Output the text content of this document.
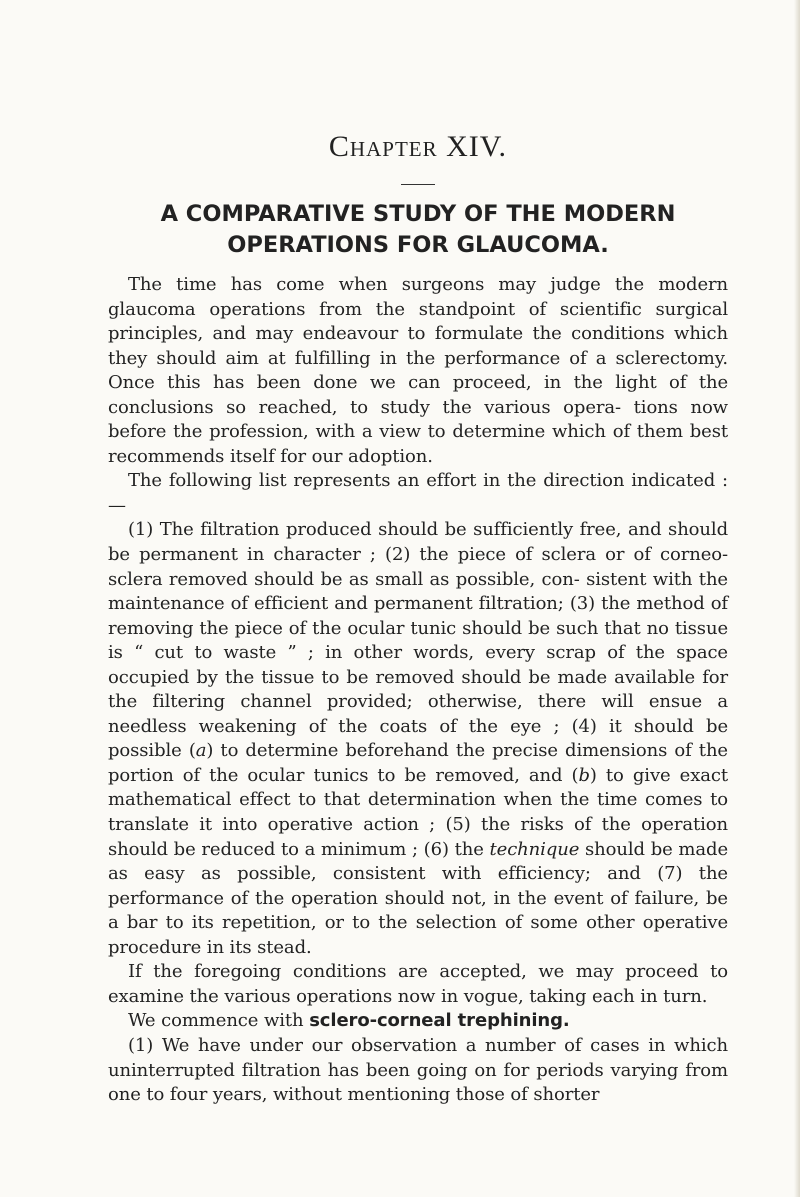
Chapter XIV.
A COMPARATIVE STUDY OF THE MODERN
OPERATIONS FOR GLAUCOMA.

The time has come when surgeons may judge the modern glaucoma operations from the standpoint of scientific surgical principles, and may endeavour to formulate the conditions which they should aim at fulfilling in the performance of a sclerectomy. Once this has been done we can proceed, in the light of the conclusions so reached, to study the various opera- tions now before the profession, with a view to determine which of them best recommends itself for our adoption.

The following list represents an effort in the direction indicated :—

(1) The filtration produced should be sufficiently free, and should be permanent in character ; (2) the piece of sclera or of corneo-sclera removed should be as small as possible, con- sistent with the maintenance of efficient and permanent filtration; (3) the method of removing the piece of the ocular tunic should be such that no tissue is “ cut to waste ” ; in other words, every scrap of the space occupied by the tissue to be removed should be made available for the filtering channel provided; otherwise, there will ensue a needless weakening of the coats of the eye ; (4) it should be possible (a) to determine beforehand the precise dimensions of the portion of the ocular tunics to be removed, and (b) to give exact mathematical effect to that determination when the time comes to translate it into operative action ; (5) the risks of the operation should be reduced to a minimum ; (6) the technique should be made as easy as possible, consistent with efficiency; and (7) the performance of the operation should not, in the event of failure, be a bar to its repetition, or to the selection of some other operative procedure in its stead.

If the foregoing conditions are accepted, we may proceed to examine the various operations now in vogue, taking each in turn.

We commence with sclero-corneal trephining.

(1) We have under our observation a number of cases in which uninterrupted filtration has been going on for periods varying from one to four years, without mentioning those of shorter
